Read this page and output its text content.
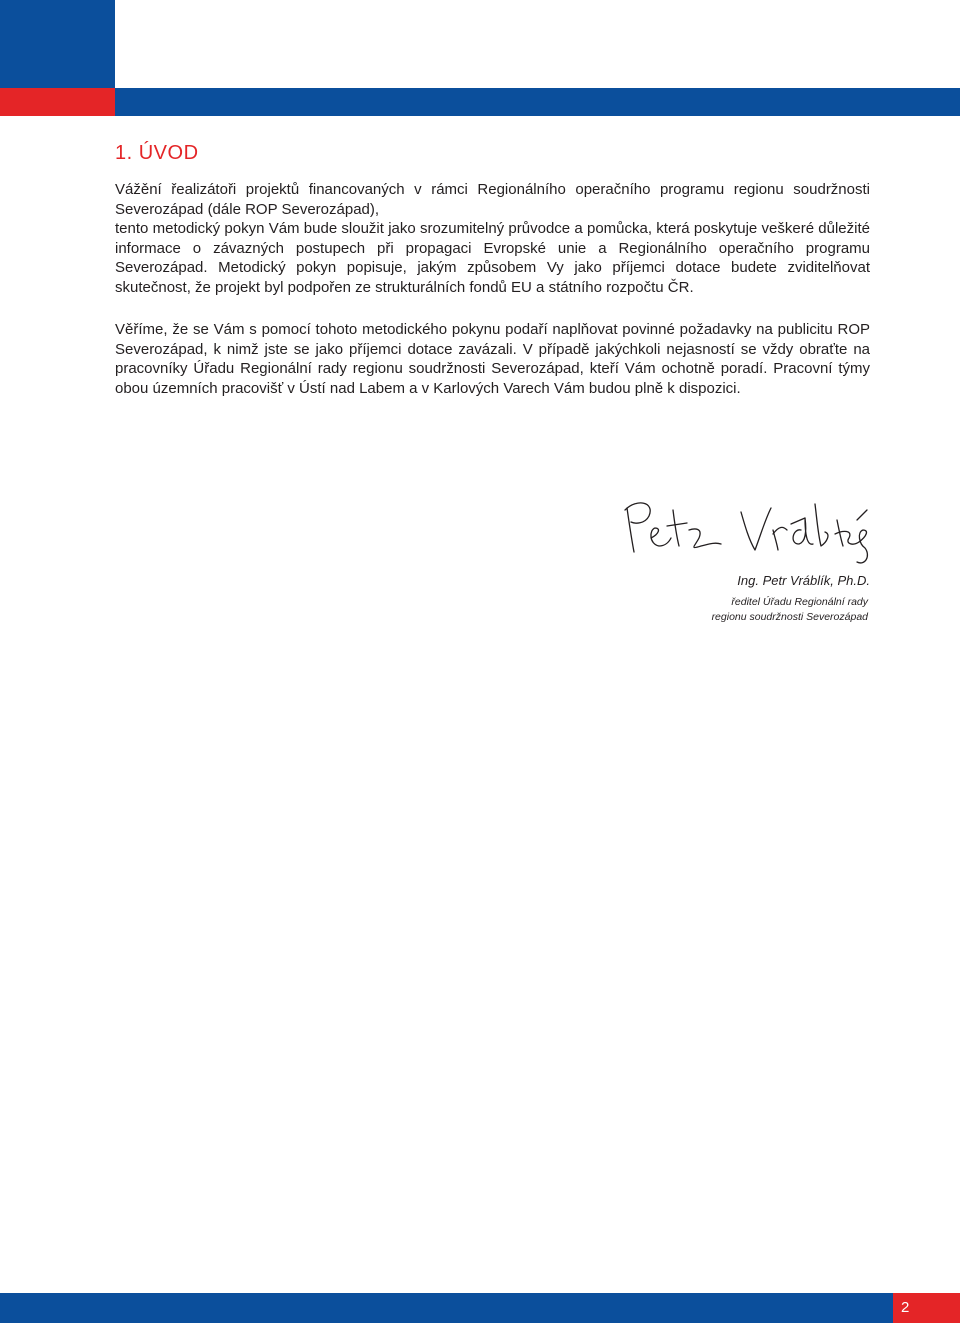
1. ÚVOD
Vážění řealizátoři projektů financovaných v rámci Regionálního operačního programu regionu soudržnosti Severozápad (dále ROP Severozápad),
tento metodický pokyn Vám bude sloužit jako srozumitelný průvodce a pomůcka, která poskytuje veškeré důležité informace o závazných postupech při propagaci Evropské unie a Regionálního operačního programu Severozápad. Metodický pokyn popisuje, jakým způsobem Vy jako příjemci dotace budete zviditelňovat skutečnost, že projekt byl podpořen ze strukturálních fondů EU a státního rozpočtu ČR.
Věříme, že se Vám s pomocí tohoto metodického pokynu podaří naplňovat povinné požadavky na publicitu ROP Severozápad, k nimž jste se jako příjemci dotace zavázali. V případě jakýchkoli nejasností se vždy obraťte na pracovníky Úřadu Regionální rady regionu soudržnosti Severozápad, kteří Vám ochotně poradí. Pracovní týmy obou územních pracovišť v Ústí nad Labem a v Karlových Varech Vám budou plně k dispozici.

Ing. Petr Vráblík, Ph.D.

ředitel Úřadu Regionální rady
regionu soudržnosti Severozápad
2
